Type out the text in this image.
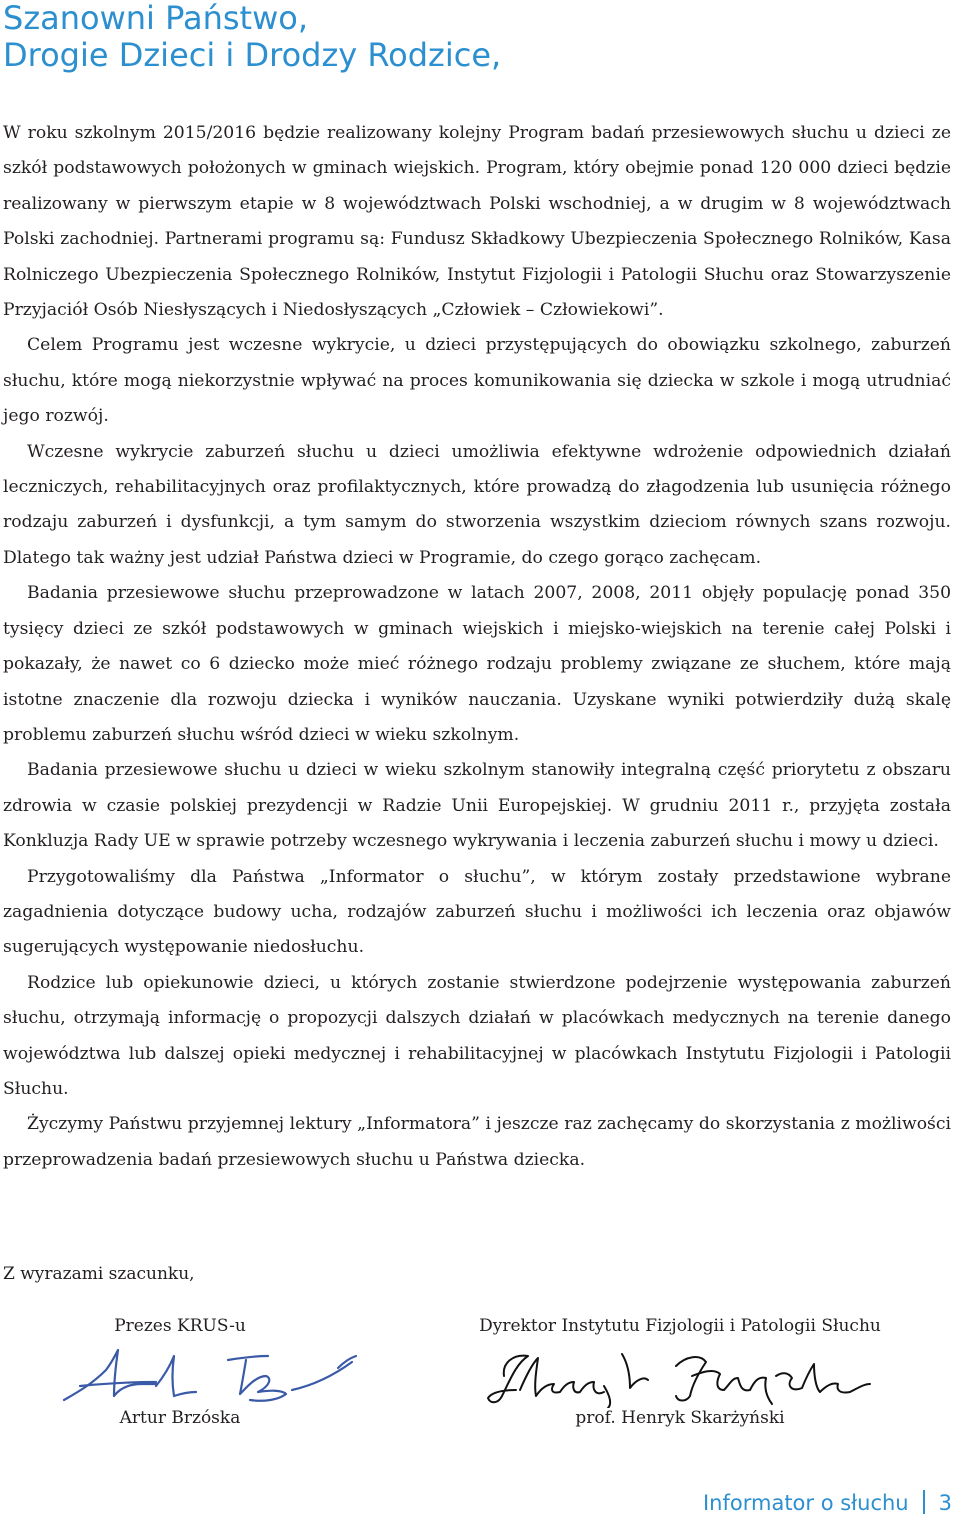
Szanowni Państwo,
Drogie Dzieci i Drodzy Rodzice,

W roku szkolnym 2015/2016 będzie realizowany kolejny Program badań przesiewowych słuchu u dzieci ze szkół podstawowych położonych w gminach wiejskich. Program, który obejmie ponad 120 000 dzieci będzie realizowany w pierwszym etapie w 8 województwach Polski wschodniej, a w drugim w 8 województwach Polski zachodniej. Partnerami programu są: Fundusz Składkowy Ubezpieczenia Społecznego Rolników, Kasa Rolniczego Ubezpieczenia Społecznego Rolników, Instytut Fizjologii i Patologii Słuchu oraz Stowarzyszenie Przyjaciół Osób Niesłyszących i Niedosłyszących „Człowiek – Człowiekowi”.

Celem Programu jest wczesne wykrycie, u dzieci przystępujących do obowiązku szkolnego, zaburzeń słuchu, które mogą niekorzystnie wpływać na proces komunikowania się dziecka w szkole i mogą utrudniać jego rozwój.

Wczesne wykrycie zaburzeń słuchu u dzieci umożliwia efektywne wdrożenie odpowiednich działań leczniczych, rehabilitacyjnych oraz profilaktycznych, które prowadzą do złagodzenia lub usunięcia różnego rodzaju zaburzeń i dysfunkcji, a tym samym do stworzenia wszystkim dzieciom równych szans rozwoju. Dlatego tak ważny jest udział Państwa dzieci w Programie, do czego gorąco zachęcam.

Badania przesiewowe słuchu przeprowadzone w latach 2007, 2008, 2011 objęły populację ponad 350 tysięcy dzieci ze szkół podstawowych w gminach wiejskich i miejsko-wiejskich na terenie całej Polski i pokazały, że nawet co 6 dziecko może mieć różnego rodzaju problemy związane ze słuchem, które mają istotne znaczenie dla rozwoju dziecka i wyników nauczania. Uzyskane wyniki potwierdziły dużą skalę problemu zaburzeń słuchu wśród dzieci w wieku szkolnym.

Badania przesiewowe słuchu u dzieci w wieku szkolnym stanowiły integralną część priorytetu z obszaru zdrowia w czasie polskiej prezydencji w Radzie Unii Europejskiej. W grudniu 2011 r., przyjęta została Konkluzja Rady UE w sprawie potrzeby wczesnego wykrywania i leczenia zaburzeń słuchu i mowy u dzieci.

Przygotowaliśmy dla Państwa „Informator o słuchu”, w którym zostały przedstawione wybrane zagadnienia dotyczące budowy ucha, rodzajów zaburzeń słuchu i możliwości ich leczenia oraz objawów sugerujących występowanie niedosłuchu.

Rodzice lub opiekunowie dzieci, u których zostanie stwierdzone podejrzenie występowania zaburzeń słuchu, otrzymają informację o propozycji dalszych działań w placówkach medycznych na terenie danego województwa lub dalszej opieki medycznej i rehabilitacyjnej w placówkach Instytutu Fizjologii i Patologii Słuchu.

Życzymy Państwu przyjemnej lektury „Informatora” i jeszcze raz zachęcamy do skorzystania z możliwości przeprowadzenia badań przesiewowych słuchu u Państwa dziecka.

Z wyrazami szacunku,
Prezes KRUS-u
Artur Brzóska
Dyrektor Instytutu Fizjologii i Patologii Słuchu
prof. Henryk Skarżyński
Informator o słuchu 3
